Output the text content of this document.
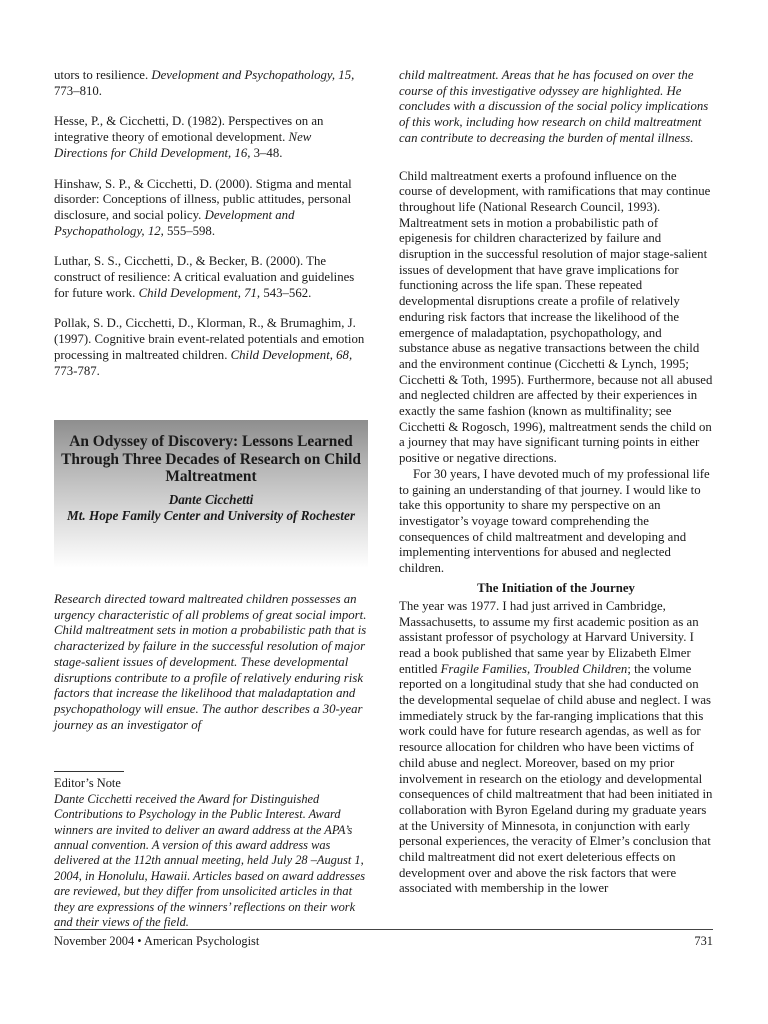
utors to resilience. Development and Psychopathology, 15, 773–810.

Hesse, P., & Cicchetti, D. (1982). Perspectives on an integrative theory of emotional development. New Directions for Child Development, 16, 3–48.

Hinshaw, S. P., & Cicchetti, D. (2000). Stigma and mental disorder: Conceptions of illness, public attitudes, personal disclosure, and social policy. Development and Psychopathology, 12, 555–598.

Luthar, S. S., Cicchetti, D., & Becker, B. (2000). The construct of resilience: A critical evaluation and guidelines for future work. Child Development, 71, 543–562.

Pollak, S. D., Cicchetti, D., Klorman, R., & Brumaghim, J. (1997). Cognitive brain event-related potentials and emotion processing in maltreated children. Child Development, 68, 773-787.

An Odyssey of Discovery: Lessons Learned Through Three Decades of Research on Child Maltreatment
Dante Cicchetti
Mt. Hope Family Center and University of Rochester

Research directed toward maltreated children possesses an urgency characteristic of all problems of great social import. Child maltreatment sets in motion a probabilistic path that is characterized by failure in the successful resolution of major stage-salient issues of development. These developmental disruptions contribute to a profile of relatively enduring risk factors that increase the likelihood that maladaptation and psychopathology will ensue. The author describes a 30-year journey as an investigator of

Editor’s Note

Dante Cicchetti received the Award for Distinguished Contributions to Psychology in the Public Interest. Award winners are invited to deliver an award address at the APA’s annual convention. A version of this award address was delivered at the 112th annual meeting, held July 28 –August 1, 2004, in Honolulu, Hawaii. Articles based on award addresses are reviewed, but they differ from unsolicited articles in that they are expressions of the winners’ reflections on their work and their views of the field.

child maltreatment. Areas that he has focused on over the course of this investigative odyssey are highlighted. He concludes with a discussion of the social policy implications of this work, including how research on child maltreatment can contribute to decreasing the burden of mental illness.

Child maltreatment exerts a profound influence on the course of development, with ramifications that may continue throughout life (National Research Council, 1993). Maltreatment sets in motion a probabilistic path of epigenesis for children characterized by failure and disruption in the successful resolution of major stage-salient issues of development that have grave implications for functioning across the life span. These repeated developmental disruptions create a profile of relatively enduring risk factors that increase the likelihood of the emergence of maladaptation, psychopathology, and substance abuse as negative transactions between the child and the environment continue (Cicchetti & Lynch, 1995; Cicchetti & Toth, 1995). Furthermore, because not all abused and neglected children are affected by their experiences in exactly the same fashion (known as multifinality; see Cicchetti & Rogosch, 1996), maltreatment sends the child on a journey that may have significant turning points in either positive or negative directions.

For 30 years, I have devoted much of my professional life to gaining an understanding of that journey. I would like to take this opportunity to share my perspective on an investigator’s voyage toward comprehending the consequences of child maltreatment and developing and implementing interventions for abused and neglected children.

The Initiation of the Journey

The year was 1977. I had just arrived in Cambridge, Massachusetts, to assume my first academic position as an assistant professor of psychology at Harvard University. I read a book published that same year by Elizabeth Elmer entitled Fragile Families, Troubled Children; the volume reported on a longitudinal study that she had conducted on the developmental sequelae of child abuse and neglect. I was immediately struck by the far-ranging implications that this work could have for future research agendas, as well as for resource allocation for children who have been victims of child abuse and neglect. Moreover, based on my prior involvement in research on the etiology and developmental consequences of child maltreatment that had been initiated in collaboration with Byron Egeland during my graduate years at the University of Minnesota, in conjunction with early personal experiences, the veracity of Elmer’s conclusion that child maltreatment did not exert deleterious effects on development over and above the risk factors that were associated with membership in the lower

November 2004 • American Psychologist	731
